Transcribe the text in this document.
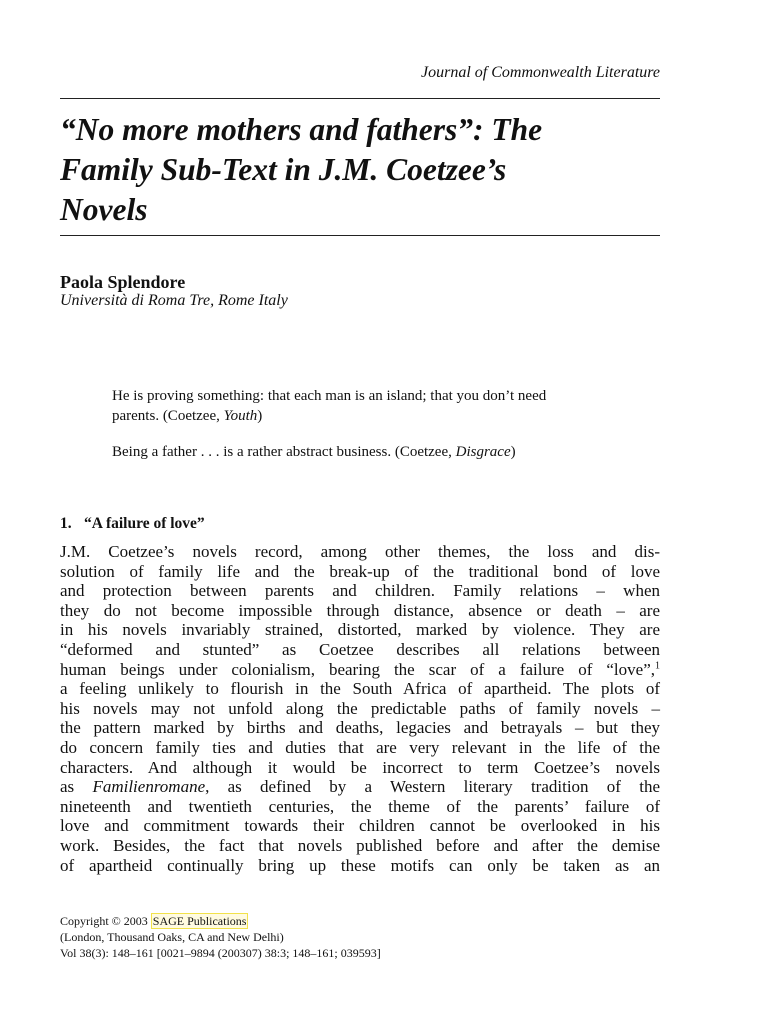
Journal of Commonwealth Literature
“No more mothers and fathers”: The
Family Sub-Text in J.M. Coetzee’s
Novels
Paola Splendore
Università di Roma Tre, Rome Italy
He is proving something: that each man is an island; that you don’t need
parents. (Coetzee, Youth)
Being a father . . . is a rather abstract business. (Coetzee, Disgrace)
1. “A failure of love”
J.M. Coetzee’s novels record, among other themes, the loss and dis-
solution of family life and the break-up of the traditional bond of love
and protection between parents and children. Family relations – when
they do not become impossible through distance, absence or death – are
in his novels invariably strained, distorted, marked by violence. They are
“deformed and stunted” as Coetzee describes all relations between
human beings under colonialism, bearing the scar of a failure of “love”,$^1$
a feeling unlikely to flourish in the South Africa of apartheid. The plots of
his novels may not unfold along the predictable paths of family novels –
the pattern marked by births and deaths, legacies and betrayals – but they
do concern family ties and duties that are very relevant in the life of the
characters. And although it would be incorrect to term Coetzee’s novels
as Familienromane, as defined by a Western literary tradition of the
nineteenth and twentieth centuries, the theme of the parents’ failure of
love and commitment towards their children cannot be overlooked in his
work. Besides, the fact that novels published before and after the demise
of apartheid continually bring up these motifs can only be taken as an
Copyright © 2003 SAGE Publications
(London, Thousand Oaks, CA and New Delhi)
Vol 38(3): 148–161 [0021–9894 (200307) 38:3; 148–161; 039593]
